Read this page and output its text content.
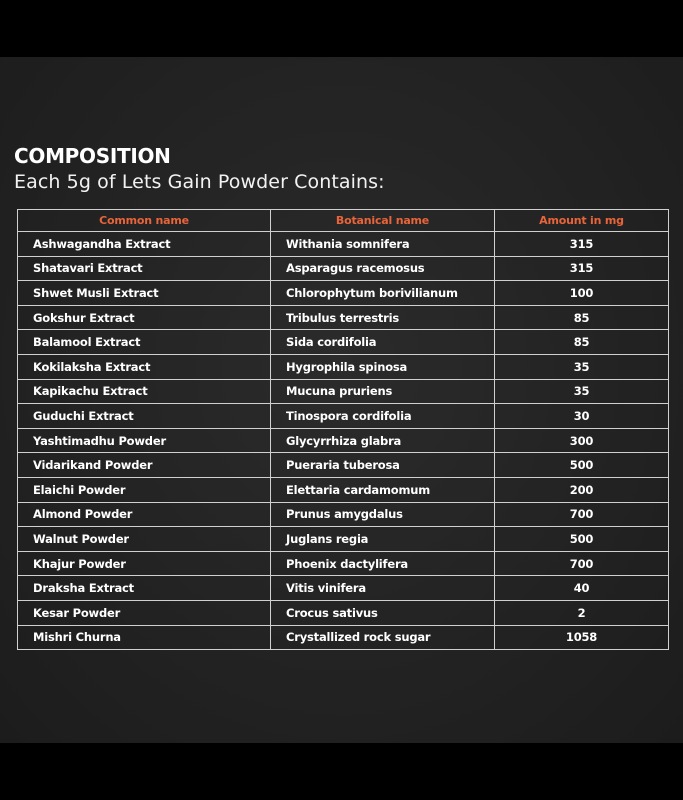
COMPOSITION
Each 5g of Lets Gain Powder Contains:
Common name	Botanical name	Amount in mg
Ashwagandha Extract	Withania somnifera	315
Shatavari Extract	Asparagus racemosus	315
Shwet Musli Extract	Chlorophytum borivilianum	100
Gokshur Extract	Tribulus terrestris	85
Balamool Extract	Sida cordifolia	85
Kokilaksha Extract	Hygrophila spinosa	35
Kapikachu Extract	Mucuna pruriens	35
Guduchi Extract	Tinospora cordifolia	30
Yashtimadhu Powder	Glycyrrhiza glabra	300
Vidarikand Powder	Pueraria tuberosa	500
Elaichi Powder	Elettaria cardamomum	200
Almond Powder	Prunus amygdalus	700
Walnut Powder	Juglans regia	500
Khajur Powder	Phoenix dactylifera	700
Draksha Extract	Vitis vinifera	40
Kesar Powder	Crocus sativus	2
Mishri Churna	Crystallized rock sugar	1058
